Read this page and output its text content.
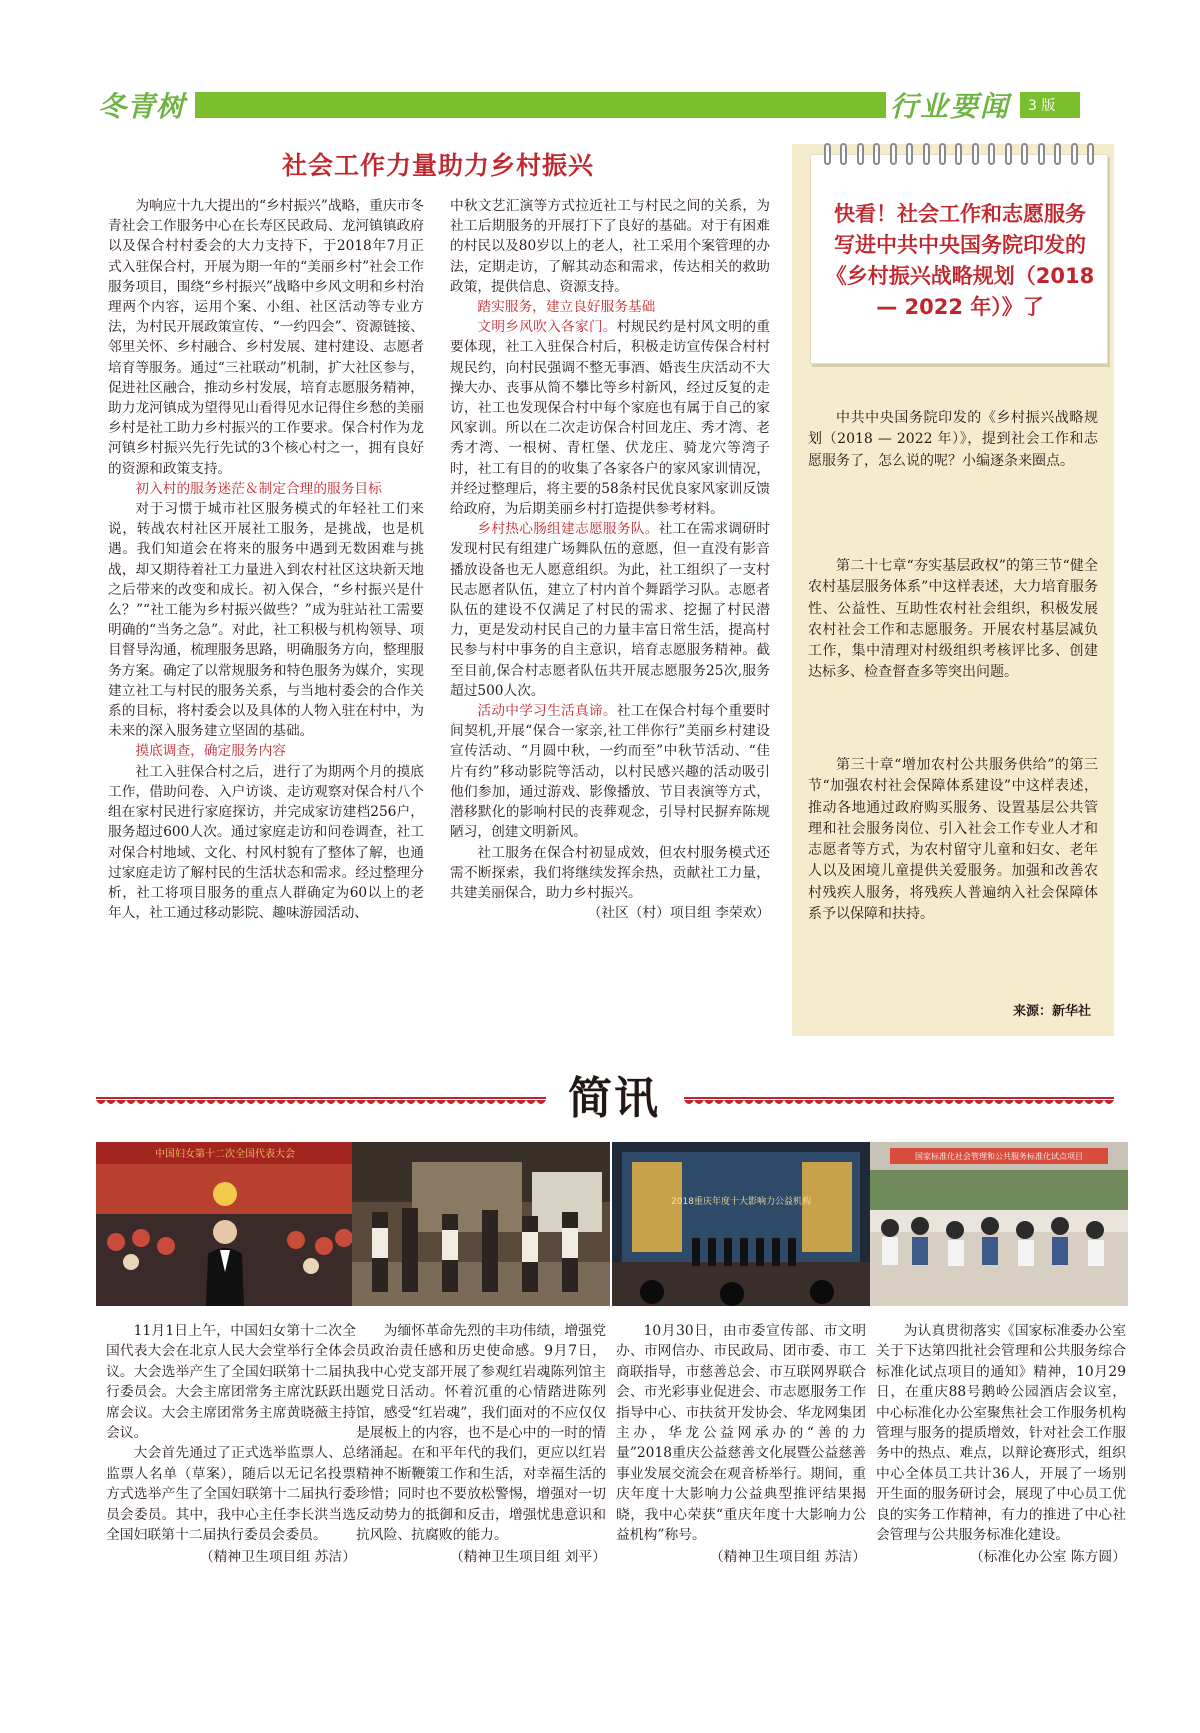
冬青树	行业要闻	3 版
社会工作力量助力乡村振兴

为响应十九大提出的“乡村振兴”战略，重庆市冬青社会工作服务中心在长寿区民政局、龙河镇镇政府以及保合村村委会的大力支持下，于2018年7月正式入驻保合村，开展为期一年的“美丽乡村”社会工作服务项目，围绕“乡村振兴”战略中乡风文明和乡村治理两个内容，运用个案、小组、社区活动等专业方法，为村民开展政策宣传、“一约四会”、资源链接、邻里关怀、乡村融合、乡村发展、建村建设、志愿者培育等服务。通过“三社联动”机制，扩大社区参与，促进社区融合，推动乡村发展，培育志愿服务精神，助力龙河镇成为望得见山看得见水记得住乡愁的美丽乡村是社工助力乡村振兴的工作要求。保合村作为龙河镇乡村振兴先行先试的3个核心村之一，拥有良好的资源和政策支持。

初入村的服务迷茫＆制定合理的服务目标

对于习惯于城市社区服务模式的年轻社工们来说，转战农村社区开展社工服务，是挑战，也是机遇。我们知道会在将来的服务中遇到无数困难与挑战，却又期待着社工力量进入到农村社区这块新天地之后带来的改变和成长。初入保合，“乡村振兴是什么？”“社工能为乡村振兴做些？”成为驻站社工需要明确的“当务之急”。对此，社工积极与机构领导、项目督导沟通，梳理服务思路，明确服务方向，整理服务方案。确定了以常规服务和特色服务为媒介，实现建立社工与村民的服务关系，与当地村委会的合作关系的目标，将村委会以及具体的人物入驻在村中，为未来的深入服务建立坚固的基础。

摸底调查，确定服务内容

社工入驻保合村之后，进行了为期两个月的摸底工作，借助问卷、入户访谈、走访观察对保合村八个组在家村民进行家庭探访，并完成家访建档256户，服务超过600人次。通过家庭走访和问卷调查，社工对保合村地域、文化、村风村貌有了整体了解，也通过家庭走访了解村民的生活状态和需求。经过整理分析，社工将项目服务的重点人群确定为60以上的老年人，社工通过移动影院、趣味游园活动、

中秋文艺汇演等方式拉近社工与村民之间的关系，为社工后期服务的开展打下了良好的基础。对于有困难的村民以及80岁以上的老人，社工采用个案管理的办法，定期走访，了解其动态和需求，传达相关的救助政策，提供信息、资源支持。

踏实服务，建立良好服务基础

文明乡风吹入各家门。村规民约是村风文明的重要体现，社工入驻保合村后，积极走访宣传保合村村规民约，向村民强调不整无事酒、婚丧生庆活动不大操大办、丧事从简不攀比等乡村新风，经过反复的走访，社工也发现保合村中每个家庭也有属于自己的家风家训。所以在二次走访保合村回龙庄、秀才湾、老秀才湾、一根树、青杠堡、伏龙庄、骑龙穴等湾子时，社工有目的的收集了各家各户的家风家训情况，并经过整理后，将主要的58条村民优良家风家训反馈给政府，为后期美丽乡村打造提供参考材料。

乡村热心肠组建志愿服务队。社工在需求调研时发现村民有组建广场舞队伍的意愿，但一直没有影音播放设备也无人愿意组织。为此，社工组织了一支村民志愿者队伍，建立了村内首个舞蹈学习队。志愿者队伍的建设不仅满足了村民的需求、挖掘了村民潜力，更是发动村民自己的力量丰富日常生活，提高村民参与村中事务的自主意识，培育志愿服务精神。截至目前,保合村志愿者队伍共开展志愿服务25次,服务超过500人次。

活动中学习生活真谛。社工在保合村每个重要时间契机,开展“保合一家亲,社工伴你行”美丽乡村建设宣传活动、“月圆中秋，一约而至”中秋节活动、“佳片有约”移动影院等活动，以村民感兴趣的活动吸引他们参加，通过游戏、影像播放、节目表演等方式，潜移默化的影响村民的丧葬观念，引导村民摒弃陈规陋习，创建文明新风。

社工服务在保合村初显成效，但农村服务模式还需不断探索，我们将继续发挥余热，贡献社工力量，共建美丽保合，助力乡村振兴。

（社区（村）项目组 李荣欢）

快看！社会工作和志愿服务写进中共中央国务院印发的《乡村振兴战略规划（2018 — 2022 年）》了

中共中央国务院印发的《乡村振兴战略规划（2018 — 2022 年）》，提到社会工作和志愿服务了，怎么说的呢？小编逐条来圈点。

第二十七章“夯实基层政权”的第三节“健全农村基层服务体系”中这样表述，大力培育服务性、公益性、互助性农村社会组织，积极发展农村社会工作和志愿服务。开展农村基层减负工作，集中清理对村级组织考核评比多、创建达标多、检查督查多等突出问题。

第三十章“增加农村公共服务供给”的第三节“加强农村社会保障体系建设”中这样表述，推动各地通过政府购买服务、设置基层公共管理和社会服务岗位、引入社会工作专业人才和志愿者等方式，为农村留守儿童和妇女、老年人以及困境儿童提供关爱服务。加强和改善农村残疾人服务，将残疾人普遍纳入社会保障体系予以保障和扶持。

来源：新华社
简讯
中国妇女第十二次全国代表大会
2018重庆年度十大影响力公益机构
国家标准化社会管理和公共服务标准化试点项目

11月1日上午，中国妇女第十二次全国代表大会在北京人民大会堂举行全体会议。大会选举产生了全国妇联第十二届执行委员会。大会主席团常务主席沈跃跃出席会议。大会主席团常务主席黄晓薇主持会议。

大会首先通过了正式选举监票人、总监票人名单（草案），随后以无记名投票方式选举产生了全国妇联第十二届执行委员会委员。其中，我中心主任李长洪当选全国妇联第十二届执行委员会委员。

（精神卫生项目组 苏洁）

为缅怀革命先烈的丰功伟绩，增强党员政治责任感和历史使命感。9月7日，我中心党支部开展了参观红岩魂陈列馆主题党日活动。怀着沉重的心情踏进陈列馆，感受“红岩魂”，我们面对的不应仅仅是展板上的内容，也不是心中的一时的情绪涌起。在和平年代的我们，更应以红岩精神不断鞭策工作和生活，对幸福生活的珍惜；同时也不要放松警惕，增强对一切反动势力的抵御和反击，增强忧患意识和抗风险、抗腐败的能力。

（精神卫生项目组 刘平）

10月30日，由市委宣传部、市文明办、市网信办、市民政局、团市委、市工商联指导，市慈善总会、市互联网界联合会、市光彩事业促进会、市志愿服务工作指导中心、市扶贫开发协会、华龙网集团主办，华龙公益网承办的“善的力量”2018重庆公益慈善文化展暨公益慈善事业发展交流会在观音桥举行。期间，重庆年度十大影响力公益典型推评结果揭晓，我中心荣获“重庆年度十大影响力公益机构”称号。

（精神卫生项目组 苏洁）

为认真贯彻落实《国家标准委办公室关于下达第四批社会管理和公共服务综合标准化试点项目的通知》精神，10月29日，在重庆88号鹅岭公园酒店会议室，中心标准化办公室聚焦社会工作服务机构管理与服务的提质增效，针对社会工作服务中的热点、难点，以辩论赛形式，组织中心全体员工共计36人，开展了一场别开生面的服务研讨会，展现了中心员工优良的实务工作精神，有力的推进了中心社会管理与公共服务标准化建设。

（标准化办公室 陈方圆）
